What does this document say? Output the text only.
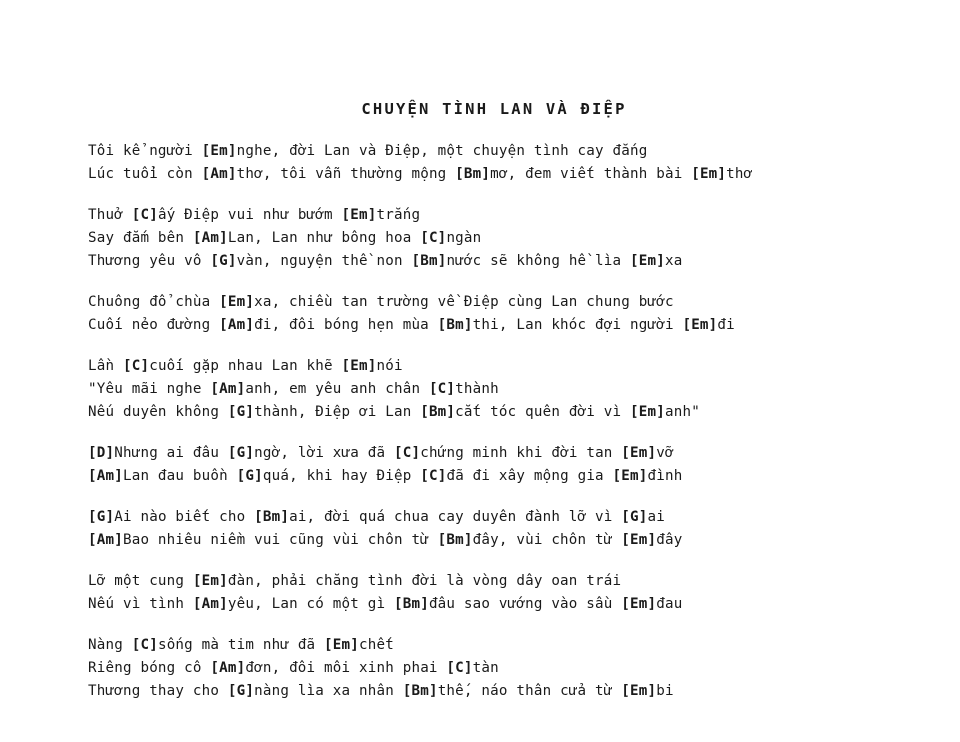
CHUYỆN TÌNH LAN VÀ ĐIỆP
Tôi kể người [Em]nghe, đời Lan và Điệp, một chuyện tình cay đắng
Lúc tuổi còn [Am]thơ, tôi vẫn thường mộng [Bm]mơ, đem viết thành bài [Em]thơ
Thuở [C]ấy Điệp vui như bướm [Em]trắng
Say đắm bên [Am]Lan, Lan như bông hoa [C]ngàn
Thương yêu vô [G]vàn, nguyện thề non [Bm]nước sẽ không hề lìa [Em]xa
Chuông đổ chùa [Em]xa, chiều tan trường về Điệp cùng Lan chung bước
Cuối nẻo đường [Am]đi, đôi bóng hẹn mùa [Bm]thi, Lan khóc đợi người [Em]đi
Lần [C]cuối gặp nhau Lan khẽ [Em]nói
"Yêu mãi nghe [Am]anh, em yêu anh chân [C]thành
Nếu duyên không [G]thành, Điệp ơi Lan [Bm]cắt tóc quên đời vì [Em]anh"
[D]Nhưng ai đâu [G]ngờ, lời xưa đã [C]chứng minh khi đời tan [Em]vỡ
[Am]Lan đau buồn [G]quá, khi hay Điệp [C]đã đi xây mộng gia [Em]đình
[G]Ai nào biết cho [Bm]ai, đời quá chua cay duyên đành lỡ vì [G]ai
[Am]Bao nhiêu niềm vui cũng vùi chôn từ [Bm]đây, vùi chôn từ [Em]đây
Lỡ một cung [Em]đàn, phải chăng tình đời là vòng dây oan trái
Nếu vì tình [Am]yêu, Lan có một gì [Bm]đâu sao vướng vào sầu [Em]đau
Nàng [C]sống mà tim như đã [Em]chết
Riêng bóng cô [Am]đơn, đôi môi xinh phai [C]tàn
Thương thay cho [G]nàng lìa xa nhân [Bm]thế, náo thân cửa từ [Em]bi
